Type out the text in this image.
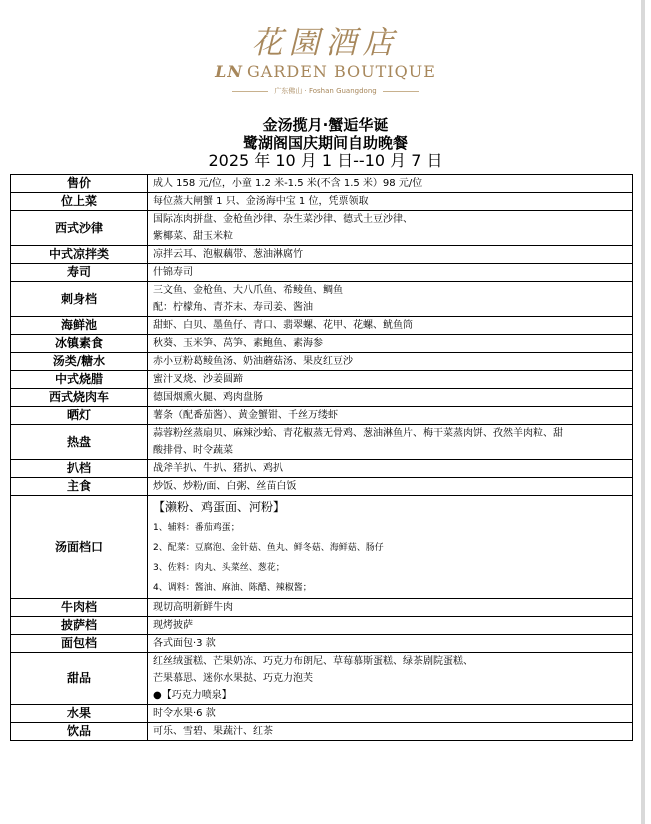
花園酒店
LN GARDEN BOUTIQUE
广东佛山 · Foshan Guangdong
金汤揽月·蟹逅华诞
鹭湖阁国庆期间自助晚餐
2025 年 10 月 1 日--10 月 7 日
售价	成人 158 元/位，小童 1.2 米-1.5 米(不含 1.5 米）98 元/位
位上菜	每位蒸大闸蟹 1 只、金汤海中宝 1 位，凭票领取
西式沙律	国际冻肉拼盘、金枪鱼沙律、杂生菜沙律、德式土豆沙律、
紫椰菜、甜玉米粒

中式凉拌类	凉拌云耳、泡椒藕带、葱油淋腐竹
寿司	什锦寿司
刺身档	三文鱼、金枪鱼、大八爪鱼、希鲮鱼、鲷鱼
配：柠檬角、青芥末、寿司姜、酱油

海鲜池	甜虾、白贝、墨鱼仔、青口、翡翠螺、花甲、花螺、鱿鱼筒
冰镇素食	秋葵、玉米笋、莴笋、素鲍鱼、素海参
汤类/糖水	赤小豆粉葛鲮鱼汤、奶油蘑菇汤、果皮红豆沙
中式烧腊	蜜汁叉烧、沙姜圆蹄
西式烧肉车	德国烟熏火腿、鸡肉盘肠
晒灯	薯条（配番茄酱）、黄金蟹钳、千丝万缕虾
热盘	蒜蓉粉丝蒸扇贝、麻辣沙蛤、青花椒蒸无骨鸡、葱油淋鱼片、梅干菜蒸肉饼、孜然羊肉粒、甜
酸排骨、时令蔬菜

扒档	战斧羊扒、牛扒、猪扒、鸡扒
主食	炒饭、炒粉/面、白粥、丝苗白饭
汤面档口	【濑粉、鸡蛋面、河粉】
1、辅料：番茄鸡蛋；
2、配菜：豆腐泡、金针菇、鱼丸、鲜冬菇、海鲜菇、肠仔
3、佐料：肉丸、头菜丝、葱花；
4、调料：酱油、麻油、陈醋、辣椒酱；

牛肉档	现切高明新鲜牛肉
披萨档	现烤披萨
面包档	各式面包·3 款
甜品	红丝绒蛋糕、芒果奶冻、巧克力布朗尼、草莓慕斯蛋糕、绿茶剧院蛋糕、
芒果慕思、迷你水果挞、巧克力泡芙
●【巧克力喷泉】

水果	时令水果·6 款
饮品	可乐、雪碧、果蔬汁、红茶
